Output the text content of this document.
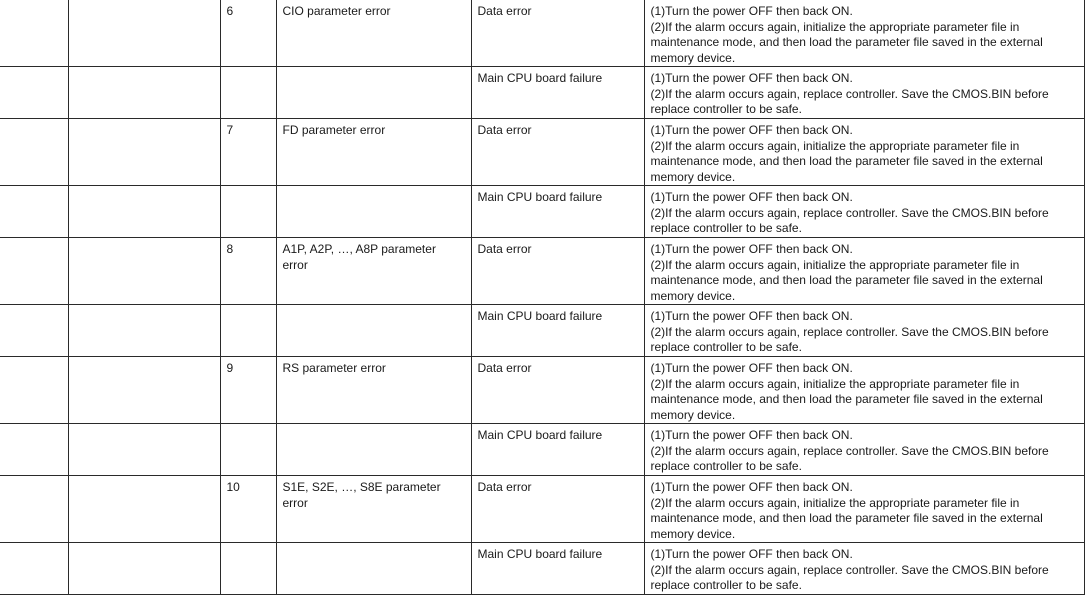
		6	CIO parameter error	Data error	(1)Turn the power OFF then back ON.
(2)If the alarm occurs again, initialize the appropriate parameter file in maintenance mode, and then load the parameter file saved in the external memory device.

				Main CPU board failure	(1)Turn the power OFF then back ON.
(2)If the alarm occurs again, replace controller. Save the CMOS.BIN before replace controller to be safe.

		7	FD parameter error	Data error	(1)Turn the power OFF then back ON.
(2)If the alarm occurs again, initialize the appropriate parameter file in maintenance mode, and then load the parameter file saved in the external memory device.

				Main CPU board failure	(1)Turn the power OFF then back ON.
(2)If the alarm occurs again, replace controller. Save the CMOS.BIN before replace controller to be safe.

		8	A1P, A2P, …, A8P parameter error	Data error	(1)Turn the power OFF then back ON.
(2)If the alarm occurs again, initialize the appropriate parameter file in maintenance mode, and then load the parameter file saved in the external memory device.

				Main CPU board failure	(1)Turn the power OFF then back ON.
(2)If the alarm occurs again, replace controller. Save the CMOS.BIN before replace controller to be safe.

		9	RS parameter error	Data error	(1)Turn the power OFF then back ON.
(2)If the alarm occurs again, initialize the appropriate parameter file in maintenance mode, and then load the parameter file saved in the external memory device.

				Main CPU board failure	(1)Turn the power OFF then back ON.
(2)If the alarm occurs again, replace controller. Save the CMOS.BIN before replace controller to be safe.

		10	S1E, S2E, …, S8E parameter error	Data error	(1)Turn the power OFF then back ON.
(2)If the alarm occurs again, initialize the appropriate parameter file in maintenance mode, and then load the parameter file saved in the external memory device.

				Main CPU board failure	(1)Turn the power OFF then back ON.
(2)If the alarm occurs again, replace controller. Save the CMOS.BIN before replace controller to be safe.
